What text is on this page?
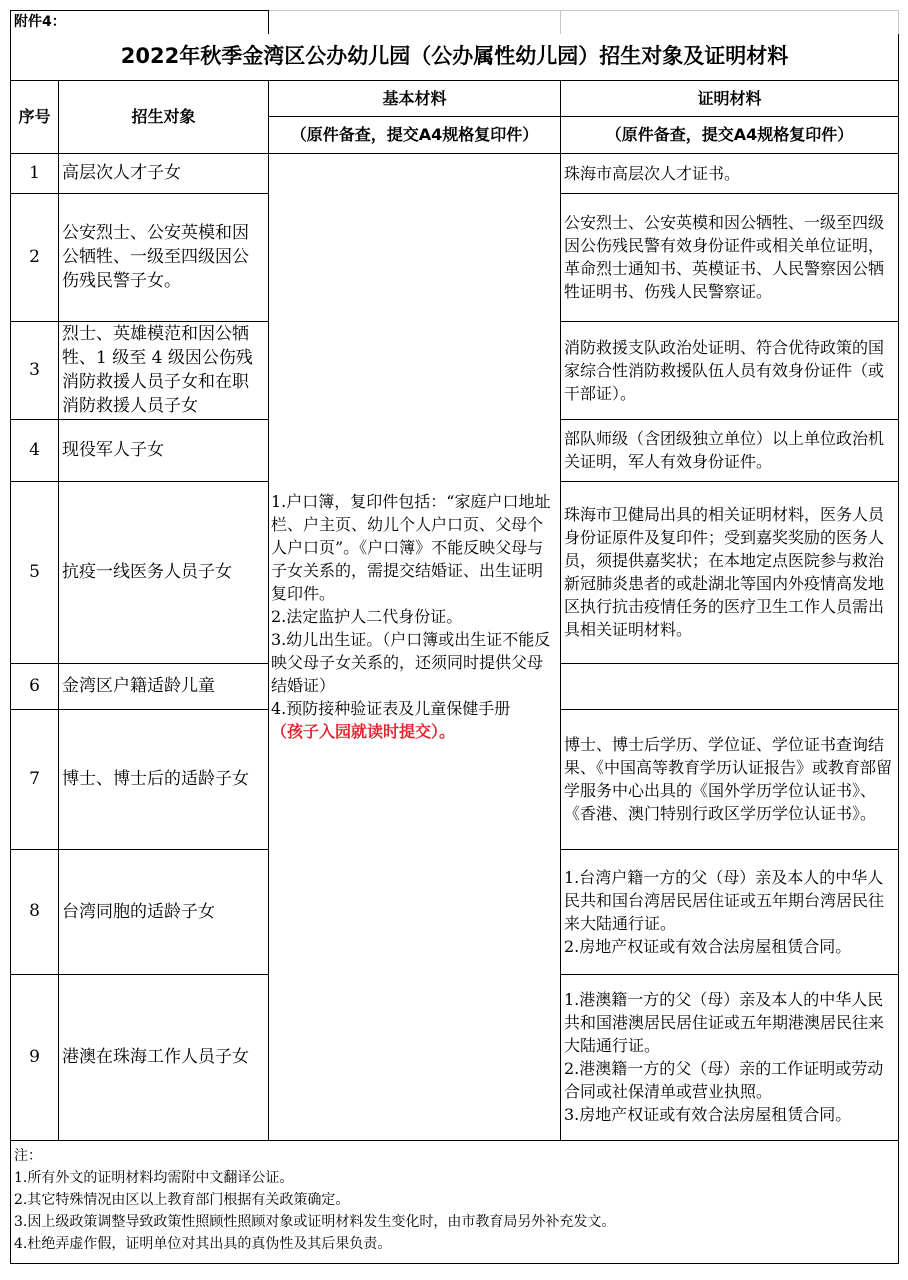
附件4：			
2022年秋季金湾区公办幼儿园（公办属性幼儿园）招生对象及证明材料			
序号	招生对象	基本材料	证明材料
		（原件备查，提交A4规格复印件）	（原件备查，提交A4规格复印件）
1	高层次人才子女	1.户口簿，复印件包括：“家庭户口地址栏、户主页、幼儿个人户口页、父母个人户口页”。《户口簿》不能反映父母与子女关系的，需提交结婚证、出生证明复印件。
2.法定监护人二代身份证。
3.幼儿出生证。（户口簿或出生证不能反映父母子女关系的，还须同时提供父母结婚证）
4.预防接种验证表及儿童保健手册
（孩子入园就读时提交）。	珠海市高层次人才证书。

2	公安烈士、公安英模和因公牺牲、一级至四级因公伤残民警子女。		公安烈士、公安英模和因公牺牲、一级至四级因公伤残民警有效身份证件或相关单位证明，革命烈士通知书、英模证书、人民警察因公牺牲证明书、伤残人民警察证。

3	烈士、英雄模范和因公牺牲、1 级至 4 级因公伤残消防救援人员子女和在职消防救援人员子女		消防救援支队政治处证明、符合优待政策的国家综合性消防救援队伍人员有效身份证件（或干部证）。

4	现役军人子女		部队师级（含团级独立单位）以上单位政治机关证明，军人有效身份证件。

5	抗疫一线医务人员子女		珠海市卫健局出具的相关证明材料，医务人员身份证原件及复印件；受到嘉奖奖励的医务人员，须提供嘉奖状；在本地定点医院参与救治新冠肺炎患者的或赴湖北等国内外疫情高发地区执行抗击疫情任务的医疗卫生工作人员需出具相关证明材料。

6	金湾区户籍适龄儿童		
7	博士、博士后的适龄子女		博士、博士后学历、学位证、学位证书查询结果、《中国高等教育学历认证报告》或教育部留学服务中心出具的《国外学历学位认证书》、《香港、澳门特别行政区学历学位认证书》。

8	台湾同胞的适龄子女		1.台湾户籍一方的父（母）亲及本人的中华人民共和国台湾居民居住证或五年期台湾居民往来大陆通行证。
2.房地产权证或有效合法房屋租赁合同。

9	港澳在珠海工作人员子女		1.港澳籍一方的父（母）亲及本人的中华人民共和国港澳居民居住证或五年期港澳居民往来大陆通行证。
2.港澳籍一方的父（母）亲的工作证明或劳动合同或社保清单或营业执照。
3.房地产权证或有效合法房屋租赁合同。

注：
1.所有外文的证明材料均需附中文翻译公证。
2.其它特殊情况由区以上教育部门根据有关政策确定。
3.因上级政策调整导致政策性照顾性照顾对象或证明材料发生变化时，由市教育局另外补充发文。
4.杜绝弄虚作假，证明单位对其出具的真伪性及其后果负责。			
